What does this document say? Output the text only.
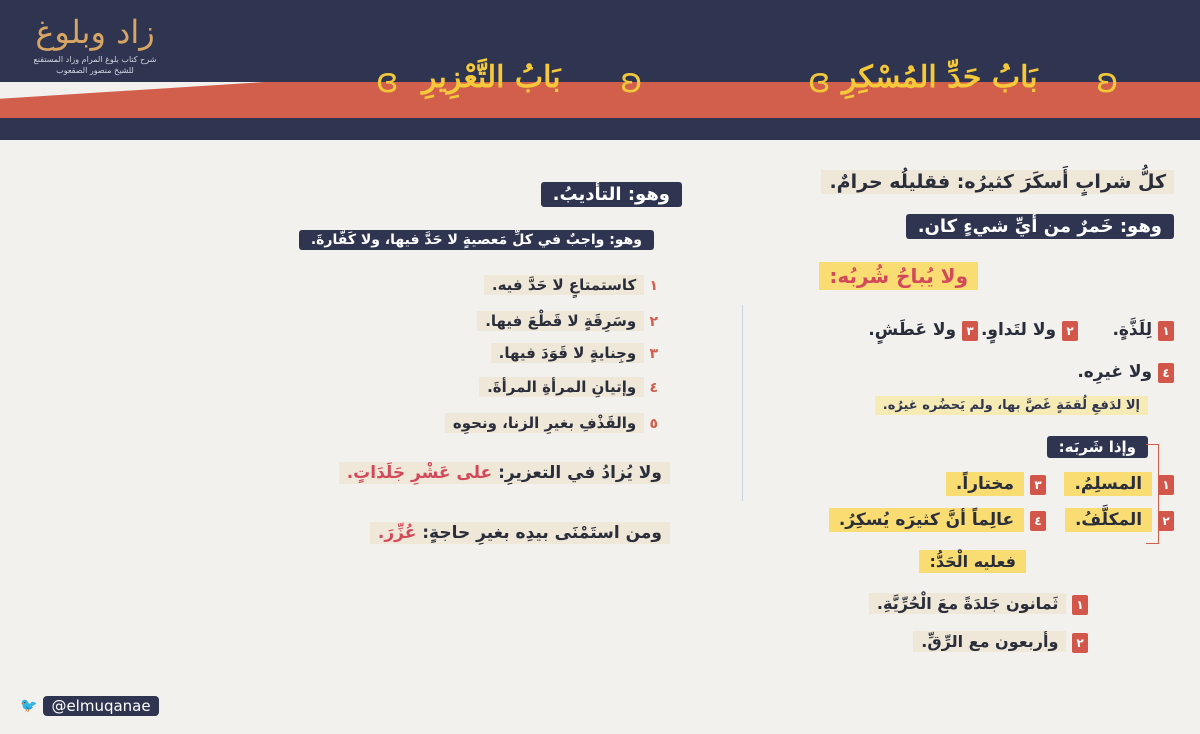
زاد وبلوغ
شرح كتاب بلوغ المرام وزاد المستقنع
للشيخ منصور الصقعوب	ʚ
بَابُ حَدِّ المُسْكِرِ
ɞ
ʚ
بَابُ التَّعْزِيرِ
ɞ
كلُّ شرابٍ أَسكَرَ كثيرُه: فقليلُه حرامٌ.
وهو: خَمرٌ من أيِّ شيءٍ كان.
ولا يُباحُ شُربُه:
١ لِلَذَّةٍ.
٢ ولا لتَداوٍ.
٣ ولا عَطَشٍ.
٤ ولا غيرِه.
إلا لدَفعِ لُقمَةٍ غَصَّ بها، ولم يَحضُره غيرُه.
وإذا شَربَه:
١ المسلِمُ.
٢ المكلَّفُ.
٣ مختاراً.
٤ عالِماً أنَّ كثيرَه يُسكِرُ.
فعليه الْحَدُّ:
١ ثَمانون جَلدَةً معَ الْحُرِّيَّةِ.
٢ وأربعون مع الرِّقِّ.
وهو: التأديبُ.
وهو: واجبٌ في كلِّ مَعصيةٍ لا حَدَّ فيها، ولا كَفَّارةَ.
١ كاستمتاعٍ لا حَدَّ فيه.
٢ وسَرِقَةٍ لا قَطْعَ فيها.
٣ وجِنايةٍ لا قَوَدَ فيها.
٤ وإتيانِ المرأةِ المرأةَ.
٥ والقَذْفِ بغيرِ الزنا، ونحوِه
ولا يُزادُ في التعزيرِ: على عَشْرِ جَلَدَاتٍ.
ومن استَمْنَى بيدِه بغيرِ حاجةٍ: عُزِّرَ.
🐦 @elmuqanae
